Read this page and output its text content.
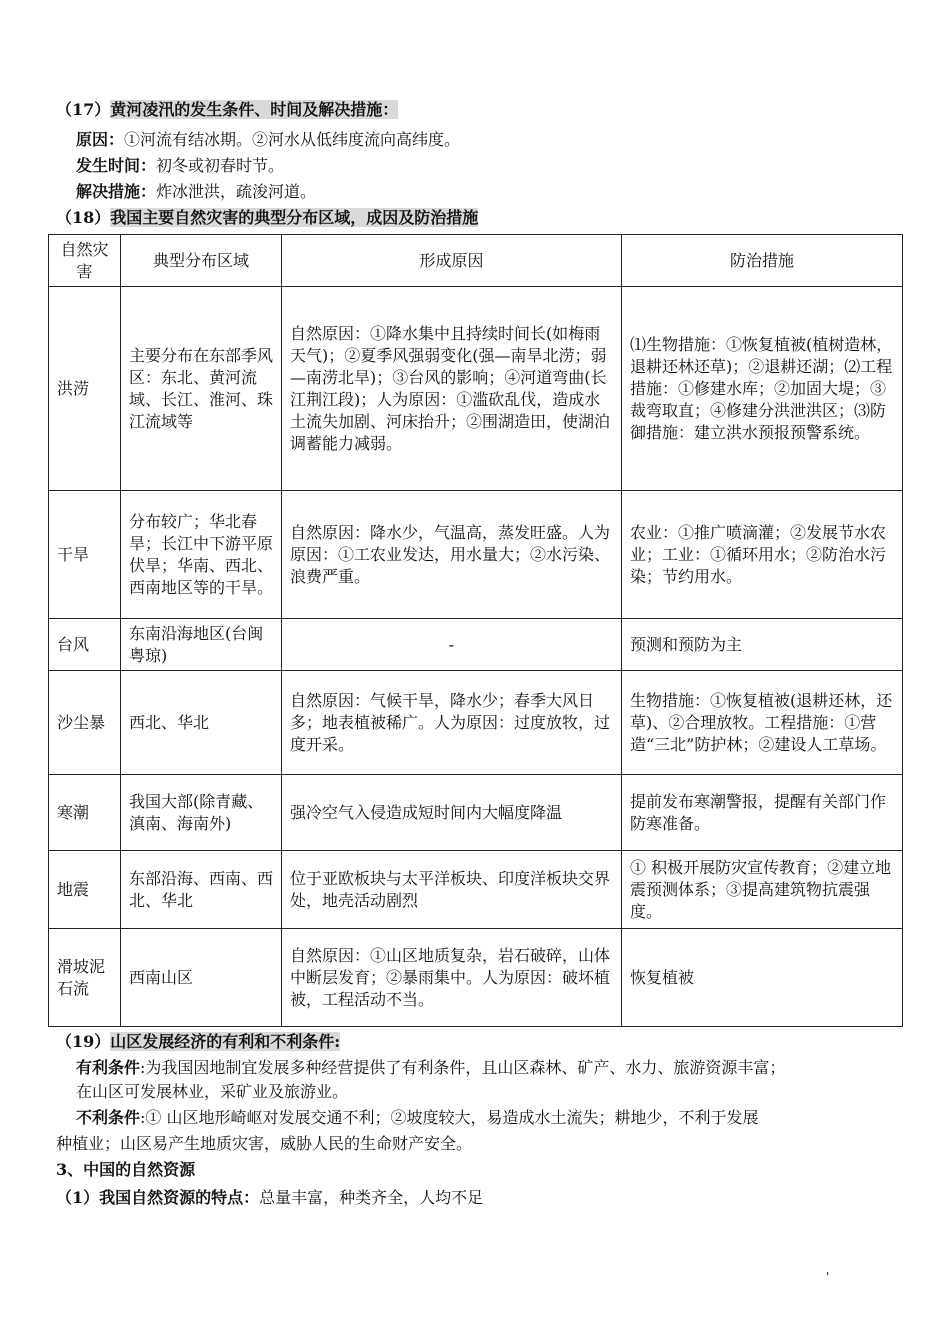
（17）黄河凌汛的发生条件、时间及解决措施：
原因：①河流有结冰期。②河水从低纬度流向高纬度。
发生时间：初冬或初春时节。
解决措施：炸冰泄洪，疏浚河道。
（18）我国主要自然灾害的典型分布区域，成因及防治措施
自然灾害	典型分布区域	形成原因	防治措施
洪涝	主要分布在东部季风区：东北、黄河流域、长江、淮河、珠江流域等	自然原因：①降水集中且持续时间长(如梅雨天气)；②夏季风强弱变化(强—南旱北涝；弱—南涝北旱)；③台风的影响；④河道弯曲(长江荆江段)；人为原因：①滥砍乱伐，造成水土流失加剧、河床抬升；②围湖造田，使湖泊调蓄能力减弱。	⑴生物措施：①恢复植被(植树造林，退耕还林还草)；②退耕还湖；⑵工程措施：①修建水库；②加固大堤；③裁弯取直；④修建分洪泄洪区；⑶防御措施：建立洪水预报预警系统。
干旱	分布较广；华北春旱；长江中下游平原伏旱；华南、西北、西南地区等的干旱。	自然原因：降水少，气温高，蒸发旺盛。人为原因：①工农业发达，用水量大；②水污染、浪费严重。	农业：①推广喷滴灌；②发展节水农业；工业：①循环用水；②防治水污染；节约用水。
台风	东南沿海地区(台闽粤琼)	-	预测和预防为主
沙尘暴	西北、华北	自然原因：气候干旱，降水少；春季大风日多；地表植被稀广。人为原因：过度放牧，过度开采。	生物措施：①恢复植被(退耕还林，还草)、②合理放牧。工程措施：①营造“三北”防护林；②建设人工草场。
寒潮	我国大部(除青藏、滇南、海南外)	强冷空气入侵造成短时间内大幅度降温	提前发布寒潮警报，提醒有关部门作防寒准备。
地震	东部沿海、西南、西北、华北	位于亚欧板块与太平洋板块、印度洋板块交界处，地壳活动剧烈	① 积极开展防灾宣传教育；②建立地震预测体系；③提高建筑物抗震强度。
滑坡泥石流	西南山区	自然原因：①山区地质复杂，岩石破碎，山体中断层发育；②暴雨集中。人为原因：破坏植被，工程活动不当。	恢复植被
（19）山区发展经济的有利和不利条件:
有利条件:为我国因地制宜发展多种经营提供了有利条件，且山区森林、矿产、水力、旅游资源丰富；
在山区可发展林业，采矿业及旅游业。
不利条件:① 山区地形崎岖对发展交通不利；②坡度较大，易造成水土流失；耕地少，不利于发展
种植业；山区易产生地质灾害，威胁人民的生命财产安全。
3、中国的自然资源
（1）我国自然资源的特点：总量丰富，种类齐全，人均不足
'
